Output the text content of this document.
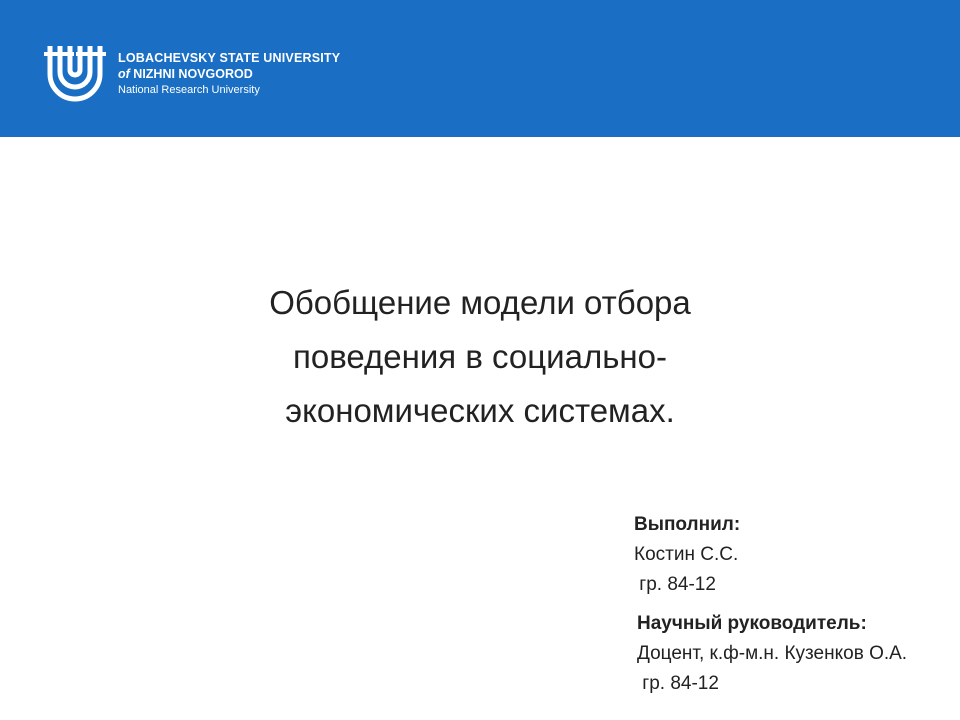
LOBACHEVSKY STATE UNIVERSITY
of NIZHNI NOVGOROD
National Research University
Обобщение модели отбора
поведения в социально-
экономических системах.
Выполнил:
Костин С.С.
гр. 84-12
Научный руководитель:
Доцент, к.ф-м.н. Кузенков О.А.
гр. 84-12
